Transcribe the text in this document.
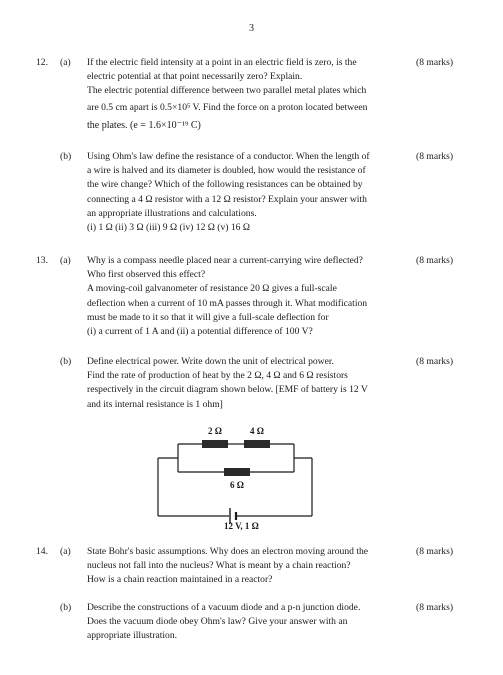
3
12. (a)	(8 marks)

If the electric field intensity at a point in an electric field is zero, is the

electric potential at that point necessarily zero? Explain.

The electric potential difference between two parallel metal plates which

are 0.5 cm apart is 0.5×10⁵ V. Find the force on a proton located between

the plates. (e = 1.6×10⁻¹⁹ C)

(b)	(8 marks)

Using Ohm's law define the resistance of a conductor. When the length of

a wire is halved and its diameter is doubled, how would the resistance of

the wire change? Which of the following resistances can be obtained by

connecting a 4 Ω resistor with a 12 Ω resistor? Explain your answer with

an appropriate illustrations and calculations.

(i) 1 Ω (ii) 3 Ω (iii) 9 Ω (iv) 12 Ω (v) 16 Ω

13. (a)	(8 marks)

Why is a compass needle placed near a current-carrying wire deflected?

Who first observed this effect?

A moving-coil galvanometer of resistance 20 Ω gives a full-scale

deflection when a current of 10 mA passes through it. What modification

must be made to it so that it will give a full-scale deflection for

(i) a current of 1 A and (ii) a potential difference of 100 V?

(b)	(8 marks)

Define electrical power. Write down the unit of electrical power.

Find the rate of production of heat by the 2 Ω, 4 Ω and 6 Ω resistors

respectively in the circuit diagram shown below. [EMF of battery is 12 V

and its internal resistance is 1 ohm]

2 Ω	4 Ω
6 Ω
12 V, 1 Ω
14. (a)	(8 marks)

State Bohr's basic assumptions. Why does an electron moving around the

nucleus not fall into the nucleus? What is meant by a chain reaction?

How is a chain reaction maintained in a reactor?

(b)	(8 marks)

Describe the constructions of a vacuum diode and a p-n junction diode.

Does the vacuum diode obey Ohm's law? Give your answer with an

appropriate illustration.
